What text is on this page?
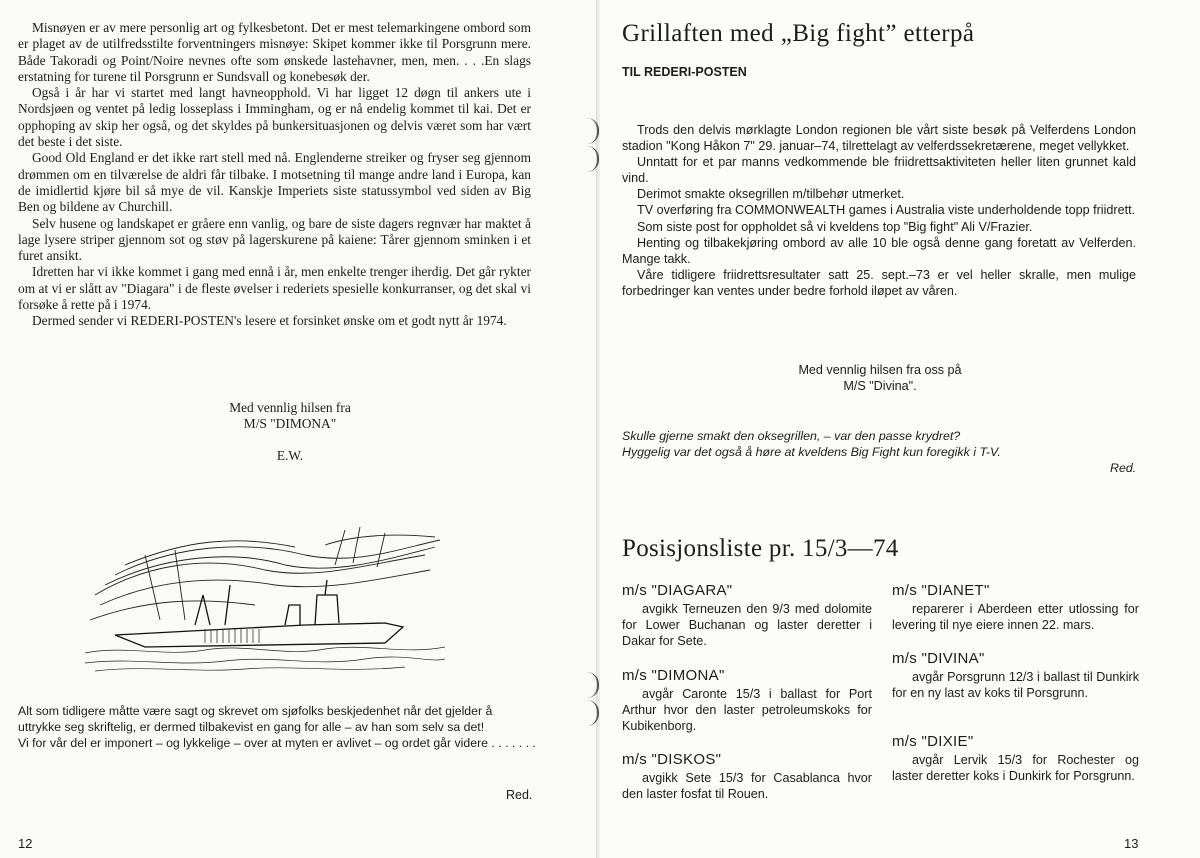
Misnøyen er av mere personlig art og fylkesbetont. Det er mest telemarkingene ombord som er plaget av de utilfredsstilte forventningers misnøye: Skipet kommer ikke til Porsgrunn mere. Både Takoradi og Point/Noire nevnes ofte som ønskede lastehavner, men, men. . . .En slags erstatning for turene til Porsgrunn er Sundsvall og konebesøk der.

Også i år har vi startet med langt havneopphold. Vi har ligget 12 døgn til ankers ute i Nordsjøen og ventet på ledig losseplass i Immingham, og er nå endelig kommet til kai. Det er opphoping av skip her også, og det skyldes på bunkersituasjonen og delvis været som har vært det beste i det siste.

Good Old England er det ikke rart stell med nå. Englenderne streiker og fryser seg gjennom drømmen om en tilværelse de aldri får tilbake. I motsetning til mange andre land i Europa, kan de imidlertid kjøre bil så mye de vil. Kanskje Imperiets siste statussymbol ved siden av Big Ben og bildene av Churchill.

Selv husene og landskapet er gråere enn vanlig, og bare de siste dagers regnvær har maktet å lage lysere striper gjennom sot og støv på lagerskurene på kaiene: Tårer gjennom sminken i et furet ansikt.

Idretten har vi ikke kommet i gang med ennå i år, men enkelte trenger iherdig. Det går rykter om at vi er slått av "Diagara" i de fleste øvelser i rederiets spesielle konkurranser, og det skal vi forsøke å rette på i 1974.

Dermed sender vi REDERI-POSTEN's lesere et forsinket ønske om et godt nytt år 1974.

Med vennlig hilsen fra
M/S "DIMONA"
E.W.

Alt som tidligere måtte være sagt og skrevet om sjøfolks beskjedenhet når det gjelder å uttrykke seg skriftelig, er dermed tilbakevist en gang for alle – av han som selv sa det!

Vi for vår del er imponert – og lykkelige – over at myten er avlivet – og ordet går videre . . . . . . .

Red.
12
Grillaften med „Big fight” etterpå
TIL REDERI-POSTEN

Trods den delvis mørklagte London regionen ble vårt siste besøk på Velferdens London stadion "Kong Håkon 7" 29. januar–74, tilrettelagt av velferdssekretærene, meget vellykket.

Unntatt for et par manns vedkommende ble friidrettsaktiviteten heller liten grunnet kald vind.

Derimot smakte oksegrillen m/tilbehør utmerket.

TV overføring fra COMMONWEALTH games i Australia viste underholdende topp friidrett.

Som siste post for oppholdet så vi kveldens top "Big fight" Ali V/Frazier.

Henting og tilbakekjøring ombord av alle 10 ble også denne gang foretatt av Velferden. Mange takk.

Våre tidligere friidrettsresultater satt 25. sept.–73 er vel heller skralle, men mulige forbedringer kan ventes under bedre forhold iløpet av våren.

Med vennlig hilsen fra oss på
M/S "Divina".

Skulle gjerne smakt den oksegrillen, – var den passe krydret?

Hyggelig var det også å høre at kveldens Big Fight kun foregikk i T-V.

Red.
Posisjonsliste pr. 15/3—74
m/s "DIAGARA"
avgikk Terneuzen den 9/3 med dolomite for Lower Buchanan og laster deretter i Dakar for Sete.
m/s "DIMONA"
avgår Caronte 15/3 i ballast for Port Arthur hvor den laster petroleumskoks for Kubikenborg.
m/s "DISKOS"
avgikk Sete 15/3 for Casablanca hvor den laster fosfat til Rouen.
m/s "DIANET"
reparerer i Aberdeen etter utlossing for levering til nye eiere innen 22. mars.
m/s "DIVINA"
avgår Porsgrunn 12/3 i ballast til Dunkirk for en ny last av koks til Porsgrunn.
m/s "DIXIE"
avgår Lervik 15/3 for Rochester og laster deretter koks i Dunkirk for Porsgrunn.
13
